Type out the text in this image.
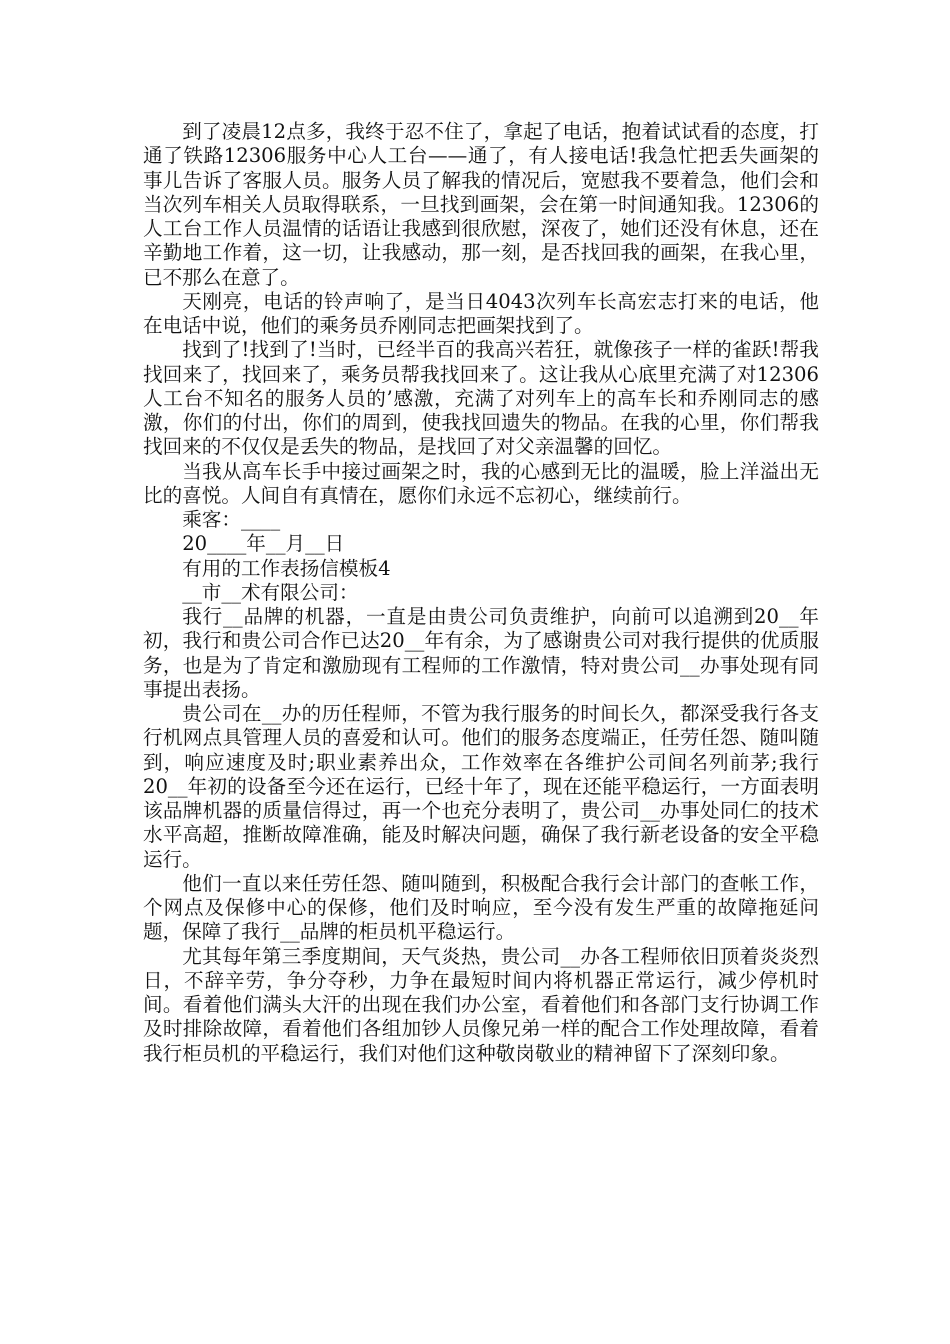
到了凌晨12点多，我终于忍不住了，拿起了电话，抱着试试看的态度，打通了铁路12306服务中心人工台——通了，有人接电话!我急忙把丢失画架的事儿告诉了客服人员。服务人员了解我的情况后，宽慰我不要着急，他们会和当次列车相关人员取得联系，一旦找到画架，会在第一时间通知我。12306的人工台工作人员温情的话语让我感到很欣慰，深夜了，她们还没有休息，还在辛勤地工作着，这一切，让我感动，那一刻，是否找回我的画架，在我心里，已不那么在意了。

天刚亮，电话的铃声响了，是当日4043次列车长高宏志打来的电话，他在电话中说，他们的乘务员乔刚同志把画架找到了。

找到了!找到了!当时，已经半百的我高兴若狂，就像孩子一样的雀跃!帮我找回来了，找回来了，乘务员帮我找回来了。这让我从心底里充满了对12306人工台不知名的服务人员的’感激，充满了对列车上的高车长和乔刚同志的感激，你们的付出，你们的周到，使我找回遗失的物品。在我的心里，你们帮我找回来的不仅仅是丢失的物品，是找回了对父亲温馨的回忆。

当我从高车长手中接过画架之时，我的心感到无比的温暖，脸上洋溢出无比的喜悦。人间自有真情在，愿你们永远不忘初心，继续前行。

乘客：____

20____年__月__日

有用的工作表扬信模板4

__市__术有限公司：

我行__品牌的机器，一直是由贵公司负责维护，向前可以追溯到20__年初，我行和贵公司合作已达20__年有余，为了感谢贵公司对我行提供的优质服务，也是为了肯定和激励现有工程师的工作激情，特对贵公司__办事处现有同事提出表扬。

贵公司在__办的历任程师，不管为我行服务的时间长久，都深受我行各支行机网点具管理人员的喜爱和认可。他们的服务态度端正，任劳任怨、随叫随到，响应速度及时;职业素养出众，工作效率在各维护公司间名列前茅;我行20__年初的设备至今还在运行，已经十年了，现在还能平稳运行，一方面表明该品牌机器的质量信得过，再一个也充分表明了，贵公司__办事处同仁的技术水平高超，推断故障准确，能及时解决问题，确保了我行新老设备的安全平稳运行。

他们一直以来任劳任怨、随叫随到，积极配合我行会计部门的查帐工作，个网点及保修中心的保修，他们及时响应，至今没有发生严重的故障拖延问题，保障了我行__品牌的柜员机平稳运行。

尤其每年第三季度期间，天气炎热，贵公司__办各工程师依旧顶着炎炎烈日，不辞辛劳，争分夺秒，力争在最短时间内将机器正常运行，减少停机时间。看着他们满头大汗的出现在我们办公室，看着他们和各部门支行协调工作及时排除故障，看着他们各组加钞人员像兄弟一样的配合工作处理故障，看着我行柜员机的平稳运行，我们对他们这种敬岗敬业的精神留下了深刻印象。
